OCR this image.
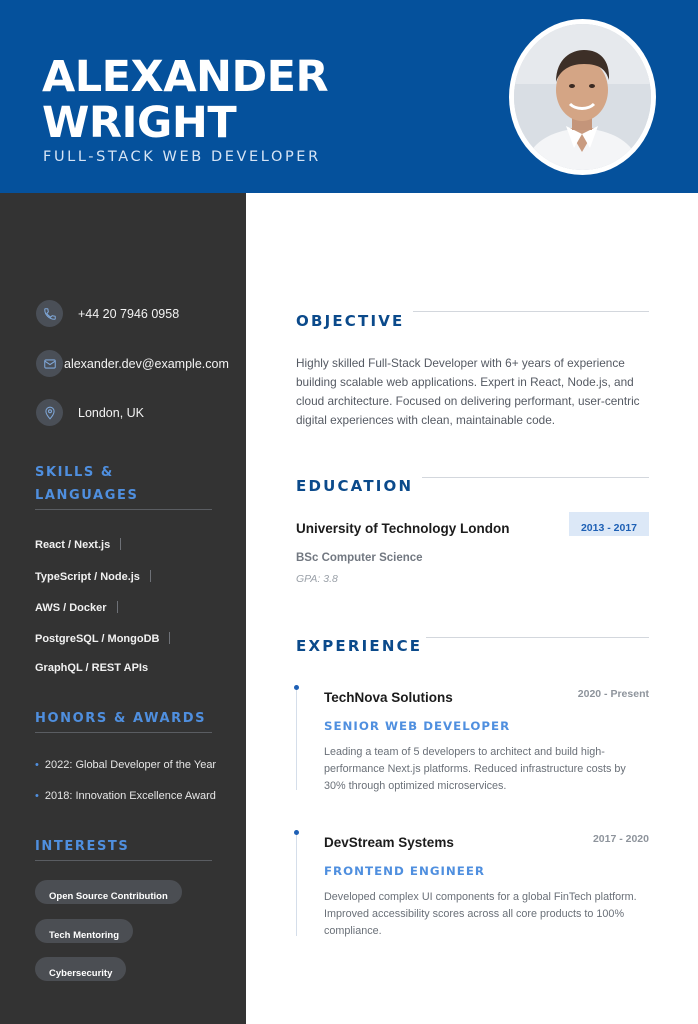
ALEXANDER
WRIGHT
FULL-STACK WEB DEVELOPER
+44 20 7946 0958
alexander.dev@example.com
London, UK
SKILLS &
LANGUAGES
React / Next.js
TypeScript / Node.js
AWS / Docker
PostgreSQL / MongoDB
GraphQL / REST APIs
HONORS & AWARDS
• 2022: Global Developer of the Year
• 2018: Innovation Excellence Award
INTERESTS
Open Source Contribution
Tech Mentoring
Cybersecurity
OBJECTIVE
Highly skilled Full-Stack Developer with 6+ years of experience building scalable web applications. Expert in React, Node.js, and cloud architecture. Focused on delivering performant, user-centric digital experiences with clean, maintainable code.
EDUCATION
University of Technology London	2013 - 2017
BSc Computer Science
GPA: 3.8
EXPERIENCE
TechNova Solutions	2020 - Present
SENIOR WEB DEVELOPER
Leading a team of 5 developers to architect and build high-performance Next.js platforms. Reduced infrastructure costs by 30% through optimized microservices.
DevStream Systems	2017 - 2020
FRONTEND ENGINEER
Developed complex UI components for a global FinTech platform. Improved accessibility scores across all core products to 100% compliance.
